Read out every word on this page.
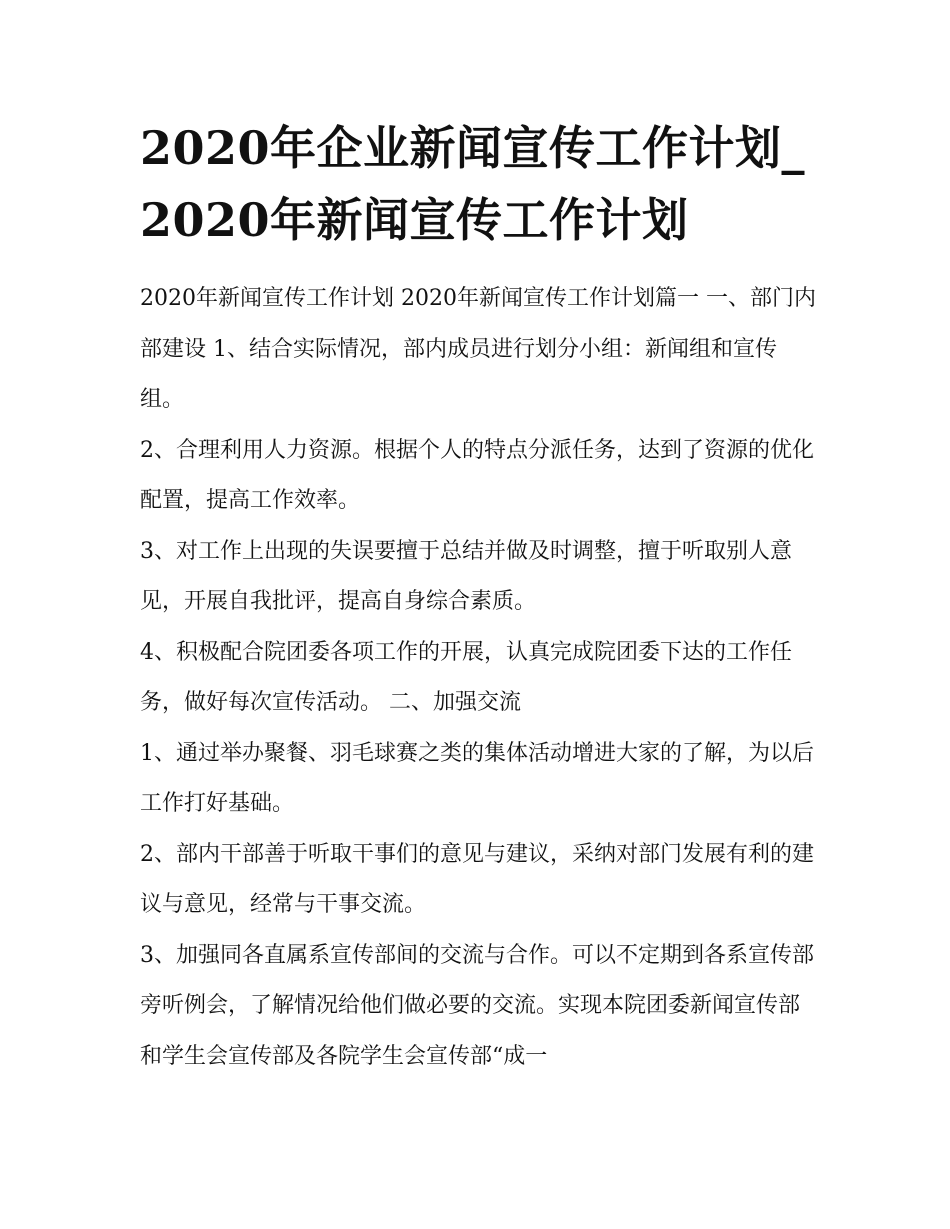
2020年企业新闻宣传工作计划_2020年新闻宣传工作计划

2020年新闻宣传工作计划 2020年新闻宣传工作计划篇一 一、部门内部建设 1、结合实际情况，部内成员进行划分小组：新闻组和宣传组。

2、合理利用人力资源。根据个人的特点分派任务，达到了资源的优化配置，提高工作效率。

3、对工作上出现的失误要擅于总结并做及时调整，擅于听取别人意见，开展自我批评，提高自身综合素质。

4、积极配合院团委各项工作的开展，认真完成院团委下达的工作任务，做好每次宣传活动。 二、加强交流

1、通过举办聚餐、羽毛球赛之类的集体活动增进大家的了解，为以后工作打好基础。

2、部内干部善于听取干事们的意见与建议，采纳对部门发展有利的建议与意见，经常与干事交流。

3、加强同各直属系宣传部间的交流与合作。可以不定期到各系宣传部旁听例会，了解情况给他们做必要的交流。实现本院团委新闻宣传部和学生会宣传部及各院学生会宣传部“成一
